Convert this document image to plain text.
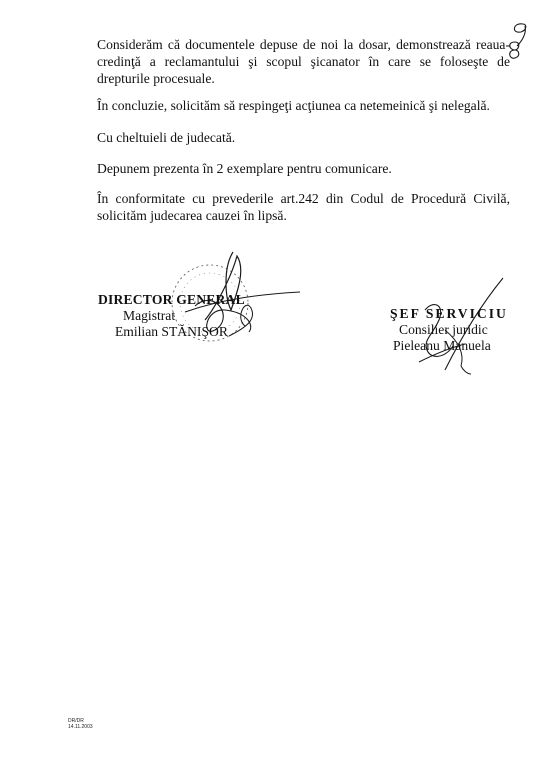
Considerăm că documentele depuse de noi la dosar, demonstrează reaua-credinţă a reclamantului şi scopul şicanator în care se foloseşte de drepturile procesuale.

În concluzie, solicităm să respingeţi acţiunea ca netemeinică şi nelegală.

Cu cheltuieli de judecată.

Depunem prezenta în 2 exemplare pentru comunicare.

În conformitate cu prevederile art.242 din Codul de Procedură Civilă, solicităm judecarea cauzei în lipsă.

DIRECTOR GENERAL
Magistrat
Emilian STĂNIŞOR
ŞEF SERVICIU
Consilier juridic
Pieleanu Manuela
DR/DR
14.11.2003
